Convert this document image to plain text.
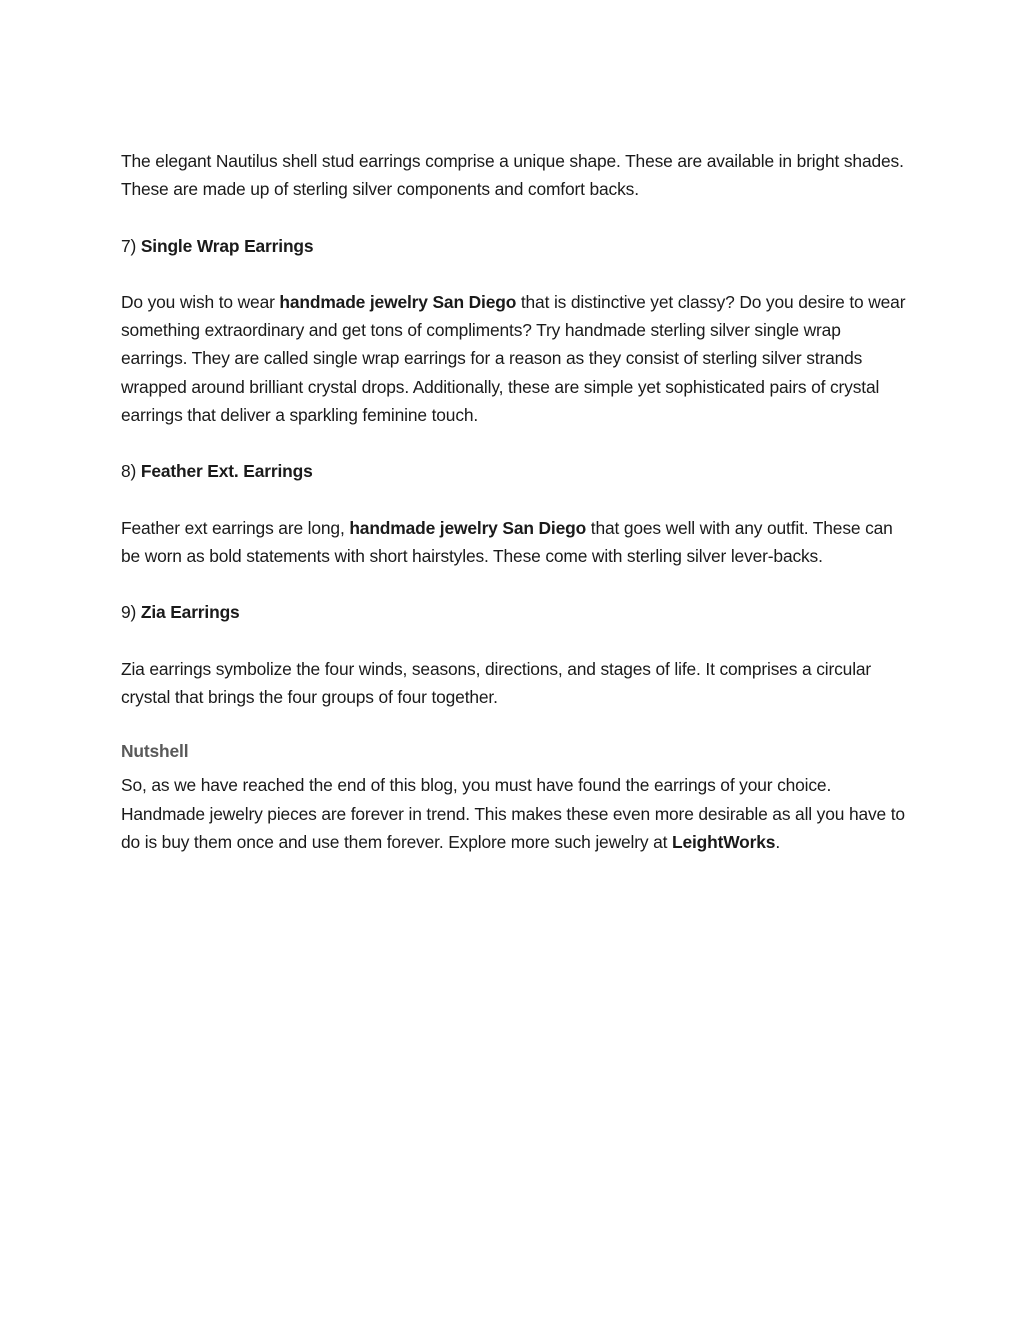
The elegant Nautilus shell stud earrings comprise a unique shape. These are available in bright shades. These are made up of sterling silver components and comfort backs.

7) Single Wrap Earrings

Do you wish to wear handmade jewelry San Diego that is distinctive yet classy? Do you desire to wear something extraordinary and get tons of compliments? Try handmade sterling silver single wrap earrings. They are called single wrap earrings for a reason as they consist of sterling silver strands wrapped around brilliant crystal drops. Additionally, these are simple yet sophisticated pairs of crystal earrings that deliver a sparkling feminine touch.

8) Feather Ext. Earrings

Feather ext earrings are long, handmade jewelry San Diego that goes well with any outfit. These can be worn as bold statements with short hairstyles. These come with sterling silver lever-backs.

9) Zia Earrings

Zia earrings symbolize the four winds, seasons, directions, and stages of life. It comprises a circular crystal that brings the four groups of four together.

Nutshell

So, as we have reached the end of this blog, you must have found the earrings of your choice. Handmade jewelry pieces are forever in trend. This makes these even more desirable as all you have to do is buy them once and use them forever. Explore more such jewelry at LeightWorks.
